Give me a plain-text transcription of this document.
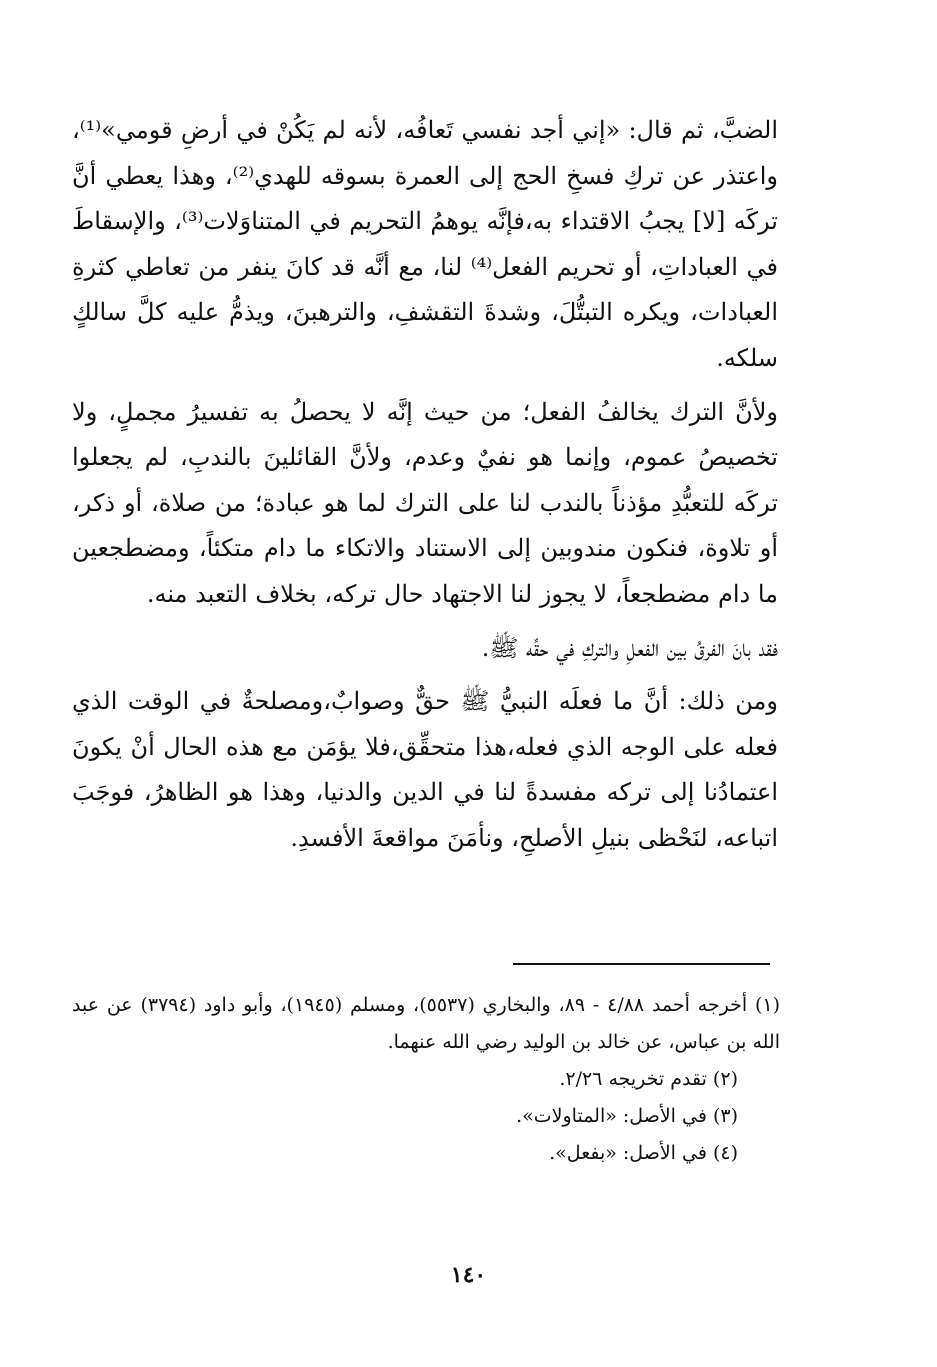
الضبَّ، ثم قال: «إني أجد نفسي تَعافُه، لأنه لم يَكُنْ في أرضِ قومي»⁽¹⁾، واعتذر عن تركِ فسخِ الحج إلى العمرة بسوقه للهدي⁽²⁾، وهذا يعطي أنَّ تركَه [لا] يجبُ الاقتداء به،فإنَّه يوهمُ التحريم في المتناوَلات⁽³⁾، والإسقاطَ في العباداتِ، أو تحريم الفعل⁽⁴⁾ لنا، مع أنَّه قد كانَ ينفر من تعاطي كثرةِ العبادات، ويكره التبتُّلَ، وشدةَ التقشفِ، والترهبنَ، ويذمُّ عليه كلَّ سالكٍ سلكه.

ولأنَّ الترك يخالفُ الفعل؛ من حيث إنَّه لا يحصلُ به تفسيرُ مجملٍ، ولا تخصيصُ عموم، وإنما هو نفيٌ وعدم، ولأنَّ القائلينَ بالندبِ، لم يجعلوا تركَه للتعبُّدِ مؤذناً بالندب لنا على الترك لما هو عبادة؛ من صلاة، أو ذكر، أو تلاوة، فنكون مندوبين إلى الاستناد والاتكاء ما دام متكئاً، ومضطجعين ما دام مضطجعاً، لا يجوز لنا الاجتهاد حال تركه، بخلاف التعبد منه.

فقد بانَ الفرقُ بين الفعلِ والتركِ في حقِّه ﷺ.

ومن ذلك: أنَّ ما فعلَه النبيُّ ﷺ حقٌّ وصوابٌ،ومصلحةٌ في الوقت الذي فعله على الوجه الذي فعله،هذا متحقِّق،فلا يؤمَن مع هذه الحال أنْ يكونَ اعتمادُنا إلى تركه مفسدةً لنا في الدين والدنيا، وهذا هو الظاهرُ، فوجَبَ اتباعه، لنَحْظى بنيلِ الأصلحِ، ونأمَنَ مواقعةَ الأفسدِ.

(١) أخرجه أحمد ٤/٨٨ - ٨٩، والبخاري (٥٥٣٧)، ومسلم (١٩٤٥)، وأبو داود (٣٧٩٤) عن عبد الله بن عباس، عن خالد بن الوليد رضي الله عنهما.

(٢) تقدم تخريجه ٢/٢٦.

(٣) في الأصل: «المتاولات».

(٤) في الأصل: «بفعل».

١٤٠
